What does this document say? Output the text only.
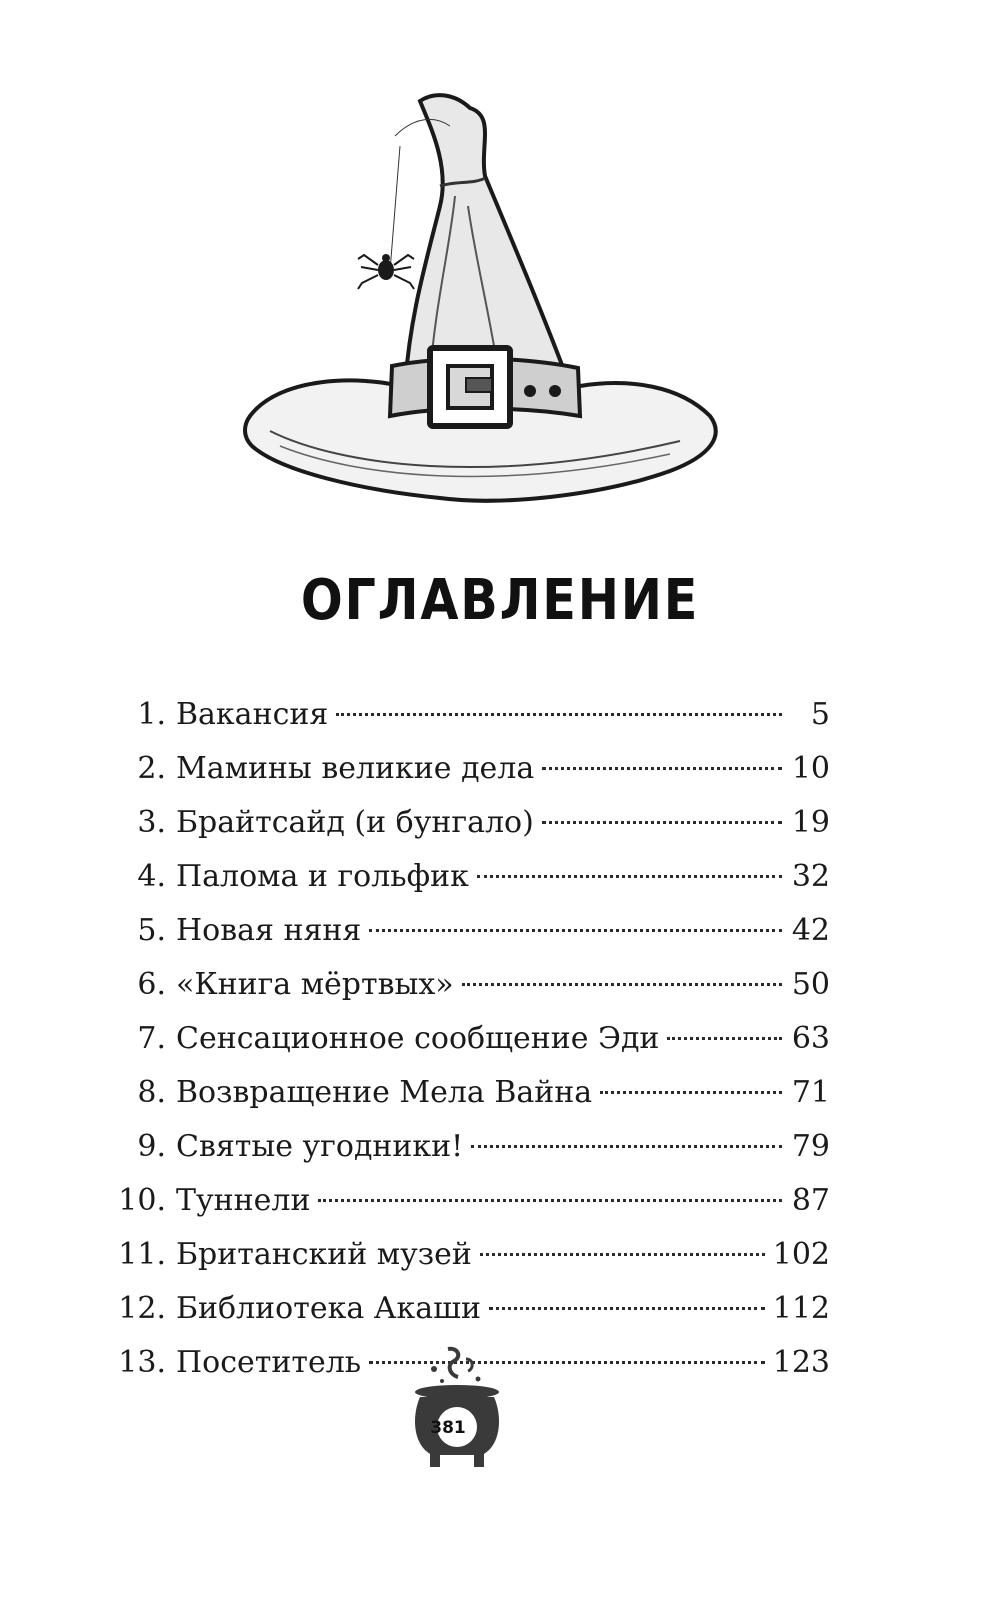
ОГЛАВЛЕНИЕ
1. Вакансия	5
2. Мамины великие дела	10
3. Брайтсайд (и бунгало)	19
4. Палома и гольфик	32
5. Новая няня	42
6. «Книга мёртвых»	50
7. Сенсационное сообщение Эди	63
8. Возвращение Мела Вайна	71
9. Святые угодники!	79
10. Туннели	87
11. Британский музей	102
12. Библиотека Акаши	112
13. Посетитель	123
381
